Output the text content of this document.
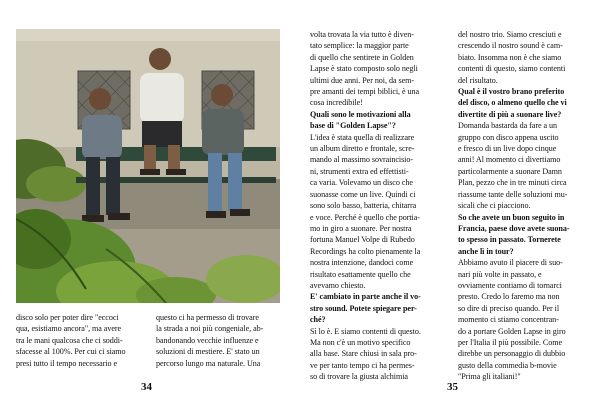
disco solo per poter dire "eccoci

qua, esistiamo ancora", ma avere

tra le mani qualcosa che ci soddi-

sfacesse al 100%. Per cui ci siamo

presi tutto il tempo necessario e

questo ci ha permesso di trovare

la strada a noi più congeniale, ab-

bandonando vecchie influenze e

soluzioni di mestiere. E' stato un

percorso lungo ma naturale. Una

volta trovata la via tutto è diven-

tato semplice: la maggior parte

di quello che sentirete in Golden

Lapse è stato composto solo negli

ultimi due anni. Per noi, da sem-

pre amanti dei tempi biblici, è una

cosa incredibile!

Quali sono le motivazioni alla

base di "Golden Lapse"?

L'idea è stata quella di realizzare

un album diretto e frontale, scre-

mando al massimo sovraincisio-

ni, strumenti extra ed effettisti-

ca varia. Volevamo un disco che

suonasse come un live. Quindi ci

sono solo basso, batteria, chitarra

e voce. Perché è quello che portia-

mo in giro a suonare. Per nostra

fortuna Manuel Volpe di Rubedo

Recordings ha colto pienamente la

nostra intenzione, dandoci come

risultato esattamente quello che

avevamo chiesto.

E' cambiato in parte anche il vo-

stro sound. Potete spiegare per-

ché?

Sì lo è. E siamo contenti di questo.

Ma non c'è un motivo specifico

alla base. Stare chiusi in sala pro-

ve per tanto tempo ci ha permes-

so di trovare la giusta alchimia

del nostro trio. Siamo cresciuti e

crescendo il nostro sound è cam-

biato. Insomma non è che siamo

contenti di questo, siamo contenti

del risultato.

Qual è il vostro brano preferito

del disco, o almeno quello che vi

divertite di più a suonare live?

Domanda bastarda da fare a un

gruppo con disco appena uscito

e fresco di un live dopo cinque

anni! Al momento ci divertiamo

particolarmente a suonare Damn

Plan, pezzo che in tre minuti circa

riassume tante delle soluzioni mu-

sicali che ci piacciono.

So che avete un buon seguito in

Francia, paese dove avete suona-

to spesso in passato. Tornerete

anche lì in tour?

Abbiamo avuto il piacere di suo-

nari più volte in passato, e

ovviamente contiamo di tornarci

presto. Credo lo faremo ma non

so dire di preciso quando. Per il

momento ci stiamo concentran-

do a portare Golden Lapse in giro

per l'Italia il più possibile. Come

direbbe un personaggio di dubbio

gusto della commedia b-movie

"Prima gli italiani!"

34	35
